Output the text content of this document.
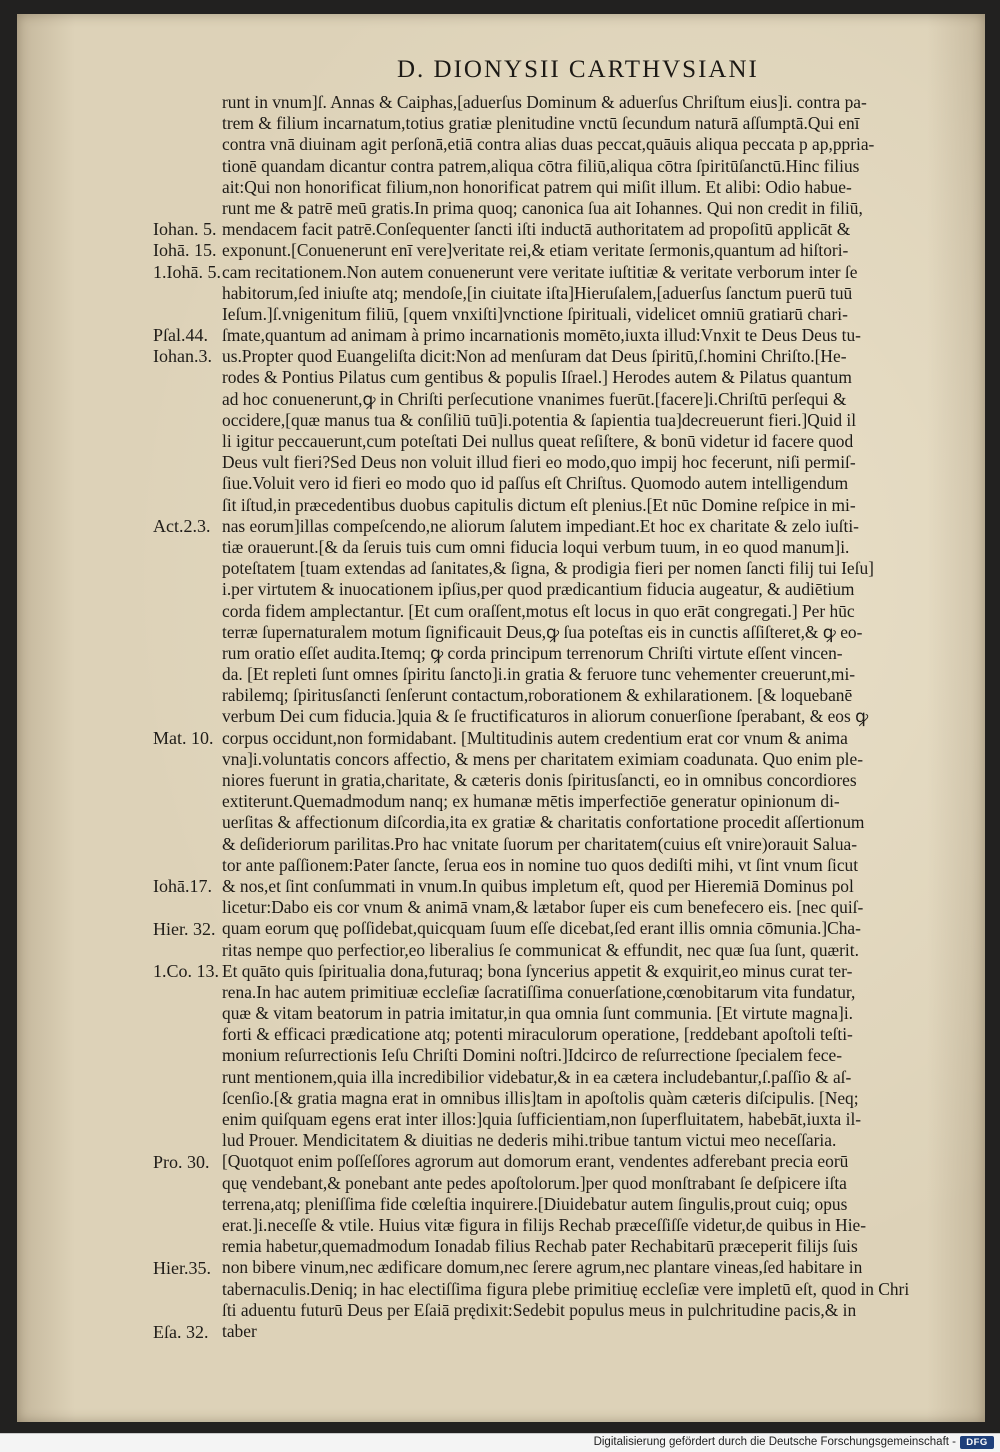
D. DIONYSII CARTHVSIANI
runt in vnum]ſ. Annas & Caiphas,[aduerſus Dominum & aduerſus Chriſtum eius]i. contra pa-
trem & filium incarnatum,totius gratiæ plenitudine vnctū ſecundum naturā aſſumptā.Qui enī
contra vnā diuinam agit perſonā,etiā contra alias duas peccat,quāuis aliqua peccata p ap,ppria-
tionē quandam dicantur contra patrem,aliqua cōtra filiū,aliqua cōtra ſpiritūſanctū.Hinc filius
ait:Qui non honorificat filium,non honorificat patrem qui miſit illum. Et alibi: Odio habue-
runt me & patrē meū gratis.In prima quoq; canonica ſua ait Iohannes. Qui non credit in filiū,
mendacem facit patrē.Conſequenter ſancti iſti inductā authoritatem ad propoſitū applicāt &
exponunt.[Conuenerunt enī vere]veritate rei,& etiam veritate ſermonis,quantum ad hiſtori-
cam recitationem.Non autem conuenerunt vere veritate iuſtitiæ & veritate verborum inter ſe
habitorum,ſed iniuſte atq; mendoſe,[in ciuitate iſta]Hieruſalem,[aduerſus ſanctum puerū tuū
Ieſum.]ſ.vnigenitum filiū, [quem vnxiſti]vnctione ſpirituali, videlicet omniū gratiarū chari-
ſmate,quantum ad animam à primo incarnationis momēto,iuxta illud:Vnxit te Deus Deus tu-
us.Propter quod Euangeliſta dicit:Non ad menſuram dat Deus ſpiritū,ſ.homini Chriſto.[He-
rodes & Pontius Pilatus cum gentibus & populis Iſrael.] Herodes autem & Pilatus quantum
ad hoc conuenerunt,ꝙ in Chriſti perſecutione vnanimes fuerūt.[facere]i.Chriſtū perſequi &
occidere,[quæ manus tua & conſiliū tuū]i.potentia & ſapientia tua]decreuerunt fieri.]Quid il
li igitur peccauerunt,cum poteſtati Dei nullus queat reſiſtere, & bonū videtur id facere quod
Deus vult fieri?Sed Deus non voluit illud fieri eo modo,quo impij hoc fecerunt, niſi permiſ-
ſiue.Voluit vero id fieri eo modo quo id paſſus eſt Chriſtus. Quomodo autem intelligendum
ſit iſtud,in præcedentibus duobus capitulis dictum eſt plenius.[Et nūc Domine reſpice in mi-
nas eorum]illas compeſcendo,ne aliorum ſalutem impediant.Et hoc ex charitate & zelo iuſti-
tiæ orauerunt.[& da ſeruis tuis cum omni fiducia loqui verbum tuum, in eo quod manum]i.
poteſtatem [tuam extendas ad ſanitates,& ſigna, & prodigia fieri per nomen ſancti filij tui Ieſu]
i.per virtutem & inuocationem ipſius,per quod prædicantium fiducia augeatur, & audiētium
corda fidem amplectantur. [Et cum oraſſent,motus eſt locus in quo erāt congregati.] Per hūc
terræ ſupernaturalem motum ſignificauit Deus,ꝙ ſua poteſtas eis in cunctis aſſiſteret,& ꝙ eo-
rum oratio eſſet audita.Itemq; ꝙ corda principum terrenorum Chriſti virtute eſſent vincen-
da. [Et repleti ſunt omnes ſpiritu ſancto]i.in gratia & feruore tunc vehementer creuerunt,mi-
rabilemq; ſpiritusſancti ſenſerunt contactum,roborationem & exhilarationem. [& loquebanē
verbum Dei cum fiducia.]quia & ſe fructificaturos in aliorum conuerſione ſperabant, & eos ꝙ
corpus occidunt,non formidabant. [Multitudinis autem credentium erat cor vnum & anima
vna]i.voluntatis concors affectio, & mens per charitatem eximiam coadunata. Quo enim ple-
niores fuerunt in gratia,charitate, & cæteris donis ſpiritusſancti, eo in omnibus concordiores
extiterunt.Quemadmodum nanq; ex humanæ mētis imperfectiōe generatur opinionum di-
uerſitas & affectionum diſcordia,ita ex gratiæ & charitatis confortatione procedit aſſertionum
& deſideriorum parilitas.Pro hac vnitate ſuorum per charitatem(cuius eſt vnire)orauit Salua-
tor ante paſſionem:Pater ſancte, ſerua eos in nomine tuo quos dediſti mihi, vt ſint vnum ſicut
& nos,et ſint conſummati in vnum.In quibus impletum eſt, quod per Hieremiā Dominus pol
licetur:Dabo eis cor vnum & animā vnam,& lætabor ſuper eis cum benefecero eis. [nec quiſ-
quam eorum quę poſſidebat,quicquam ſuum eſſe dicebat,ſed erant illis omnia cōmunia.]Cha-
ritas nempe quo perfectior,eo liberalius ſe communicat & effundit, nec quæ ſua ſunt, quærit.
Et quāto quis ſpiritualia dona,futuraq; bona ſyncerius appetit & exquirit,eo minus curat ter-
rena.In hac autem primitiuæ eccleſiæ ſacratiſſima conuerſatione,cœnobitarum vita fundatur,
quæ & vitam beatorum in patria imitatur,in qua omnia ſunt communia. [Et virtute magna]i.
forti & efficaci prædicatione atq; potenti miraculorum operatione, [reddebant apoſtoli teſti-
monium reſurrectionis Ieſu Chriſti Domini noſtri.]Idcirco de reſurrectione ſpecialem fece-
runt mentionem,quia illa incredibilior videbatur,& in ea cætera includebantur,ſ.paſſio & aſ-
ſcenſio.[& gratia magna erat in omnibus illis]tam in apoſtolis quàm cæteris diſcipulis. [Neq;
enim quiſquam egens erat inter illos:]quia ſufficientiam,non ſuperfluitatem, habebāt,iuxta il-
lud Prouer. Mendicitatem & diuitias ne dederis mihi.tribue tantum victui meo neceſſaria.
[Quotquot enim poſſeſſores agrorum aut domorum erant, vendentes adferebant precia eorū
quę vendebant,& ponebant ante pedes apoſtolorum.]per quod monſtrabant ſe deſpicere iſta
terrena,atq; pleniſſima fide cœleſtia inquirere.[Diuidebatur autem ſingulis,prout cuiq; opus
erat.]i.neceſſe & vtile. Huius vitæ figura in filijs Rechab præceſſiſſe videtur,de quibus in Hie-
remia habetur,quemadmodum Ionadab filius Rechab pater Rechabitarū præceperit filijs ſuis
non bibere vinum,nec ædificare domum,nec ſerere agrum,nec plantare vineas,ſed habitare in
tabernaculis.Deniq; in hac electiſſima figura plebe primitiuę eccleſiæ vere impletū eſt, quod in Chri
ſti aduentu futurū Deus per Eſaiā prędixit:Sedebit populus meus in pulchritudine pacis,& in
taber
Iohan. 5.
Iohā. 15.
1.Iohā. 5.
Pſal.44.
Iohan.3.
Act.2.3.
Mat. 10.
Iohā.17.
Hier. 32.
1.Co. 13.
Pro. 30.
Hier.35.
Eſa. 32.
Digitalisierung gefördert durch die Deutsche Forschungsgemeinschaft -	DFG
